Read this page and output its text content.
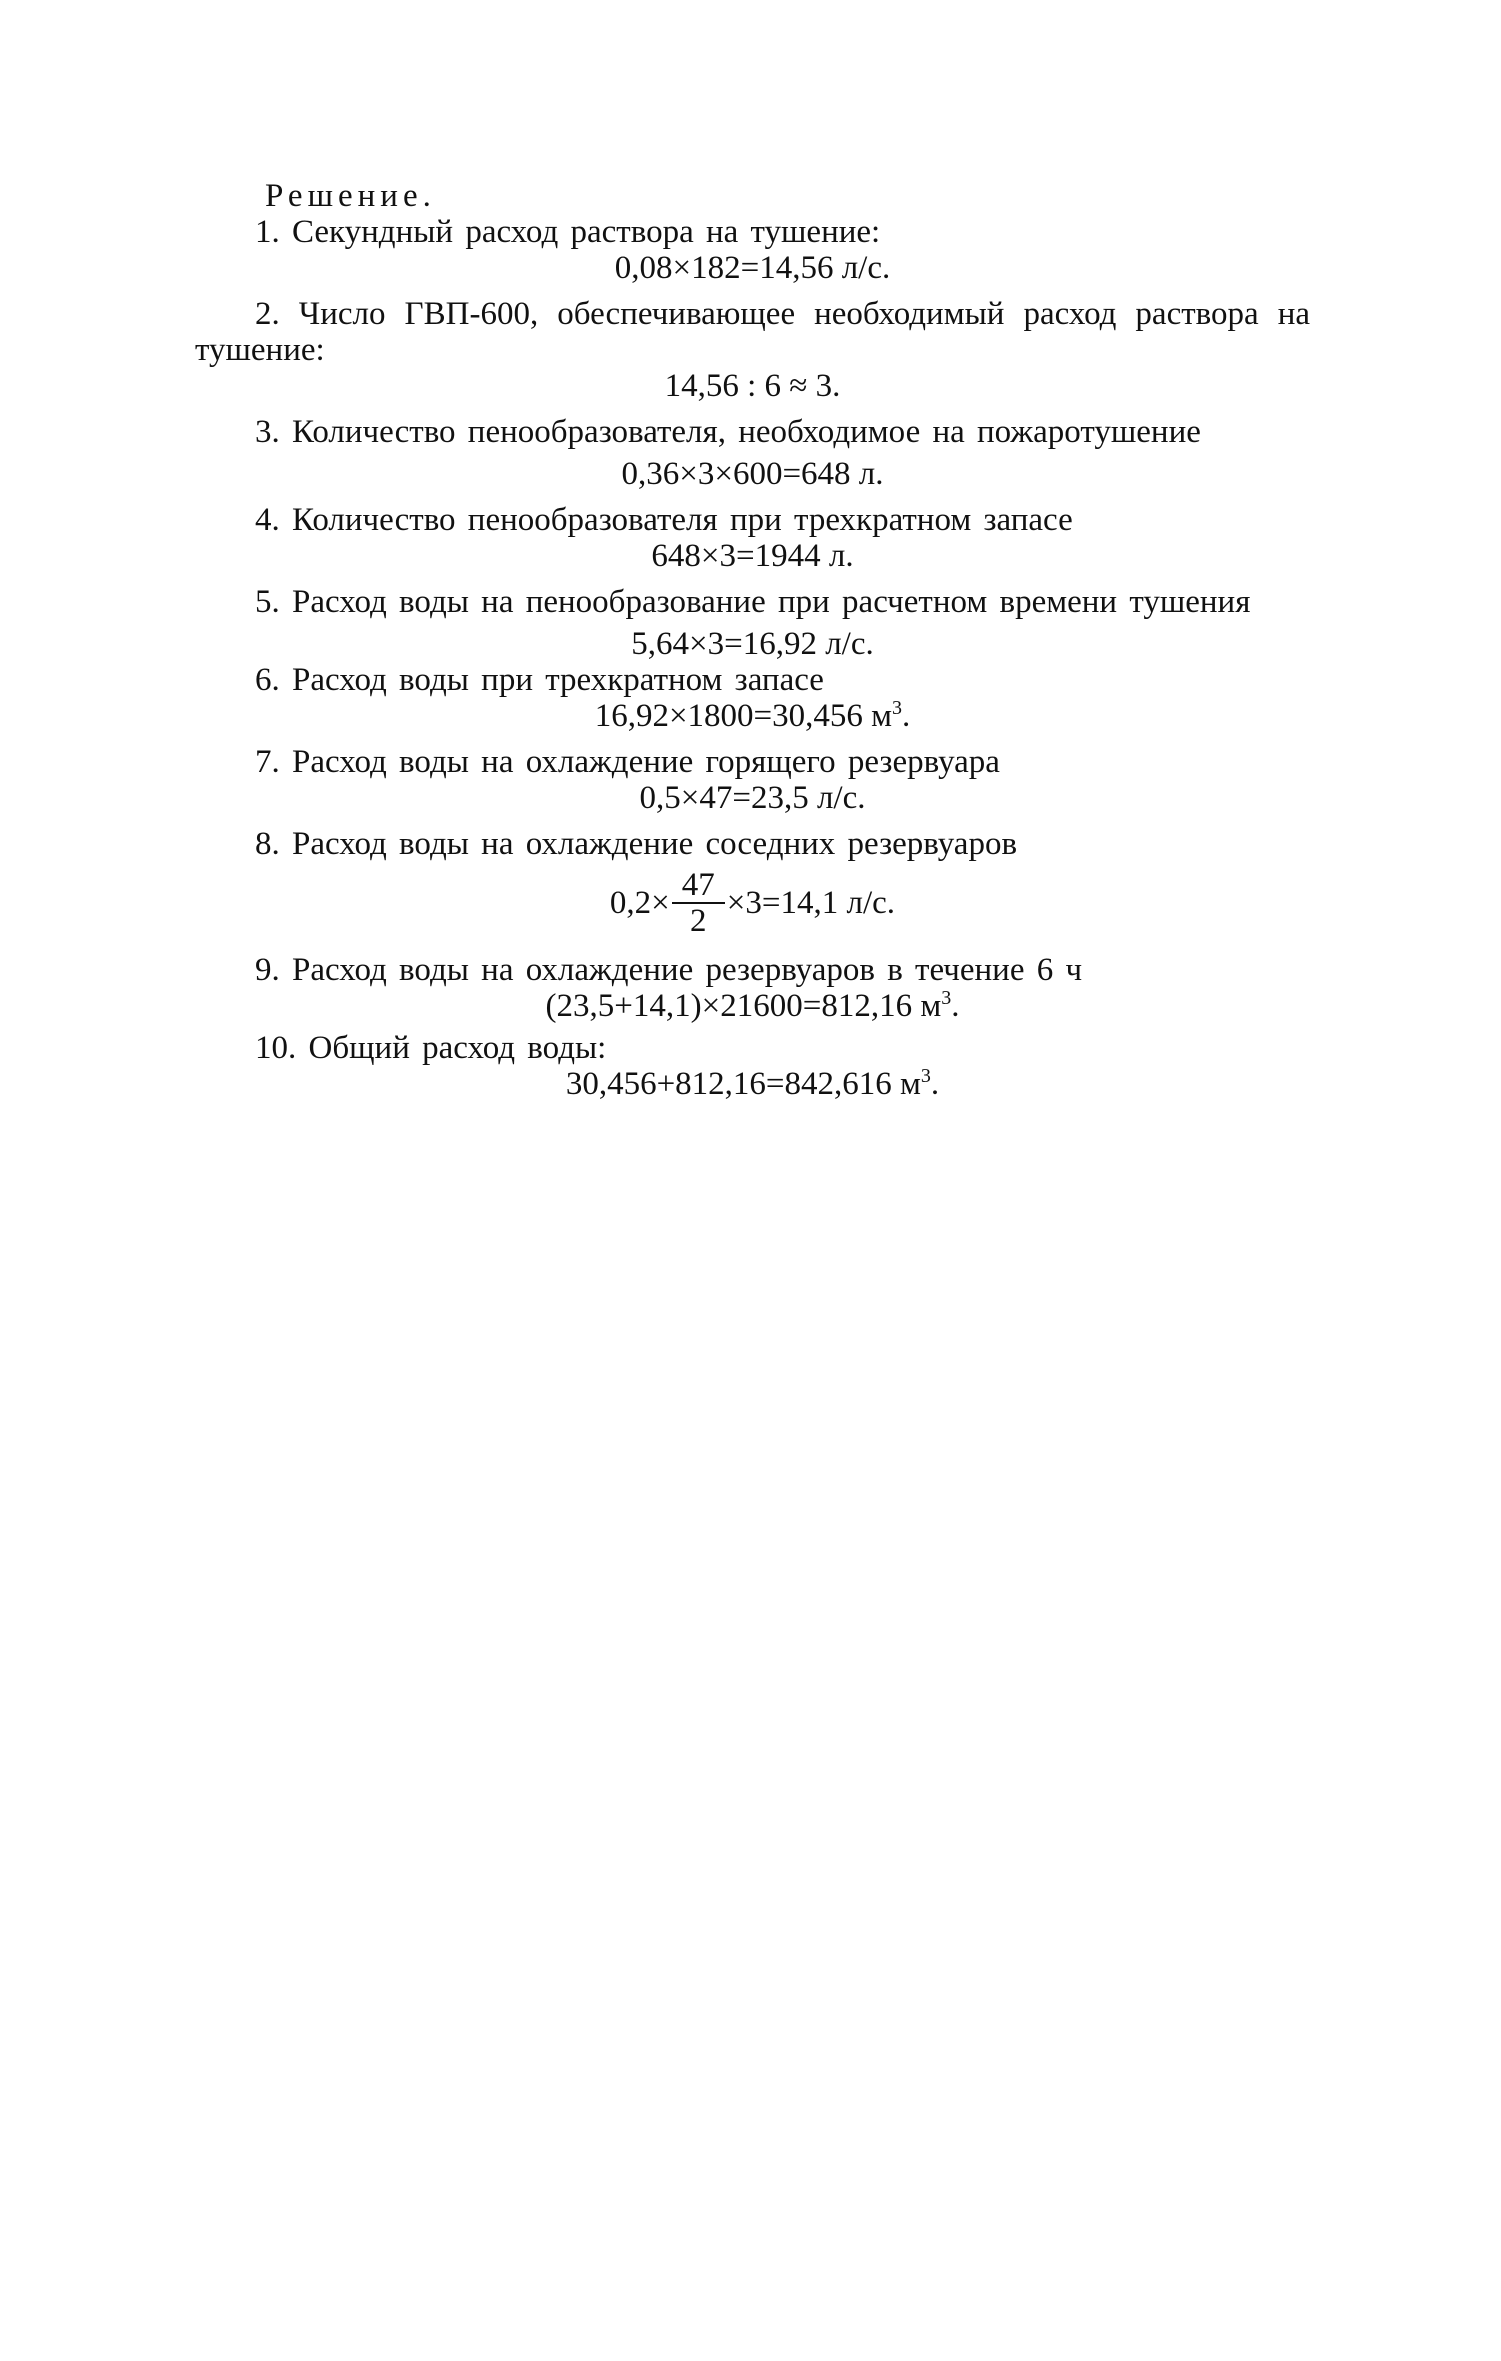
Решение.

1. Секундный расход раствора на тушение:

0,08×182=14,56 л/с.

2. Число ГВП-600, обеспечивающее необходимый расход раствора на тушение:

14,56 : 6 ≈ 3.

3. Количество пенообразователя, необходимое на пожаротушение

0,36×3×600=648 л.

4. Количество пенообразователя при трехкратном запасе

648×3=1944 л.

5. Расход воды на пенообразование при расчетном времени тушения

5,64×3=16,92 л/с.

6. Расход воды при трехкратном запасе

16,92×1800=30,456 $м^3$.

7. Расход воды на охлаждение горящего резервуара

0,5×47=23,5 л/с.

8. Расход воды на охлаждение соседних резервуаров

$0,2\times \frac{47}{2} \times 3=14,1$ л/с.

9. Расход воды на охлаждение резервуаров в течение 6 ч

(23,5+14,1)×21600=812,16 $м^3$.

10. Общий расход воды:

30,456+812,16=842,616 $м^3$.
